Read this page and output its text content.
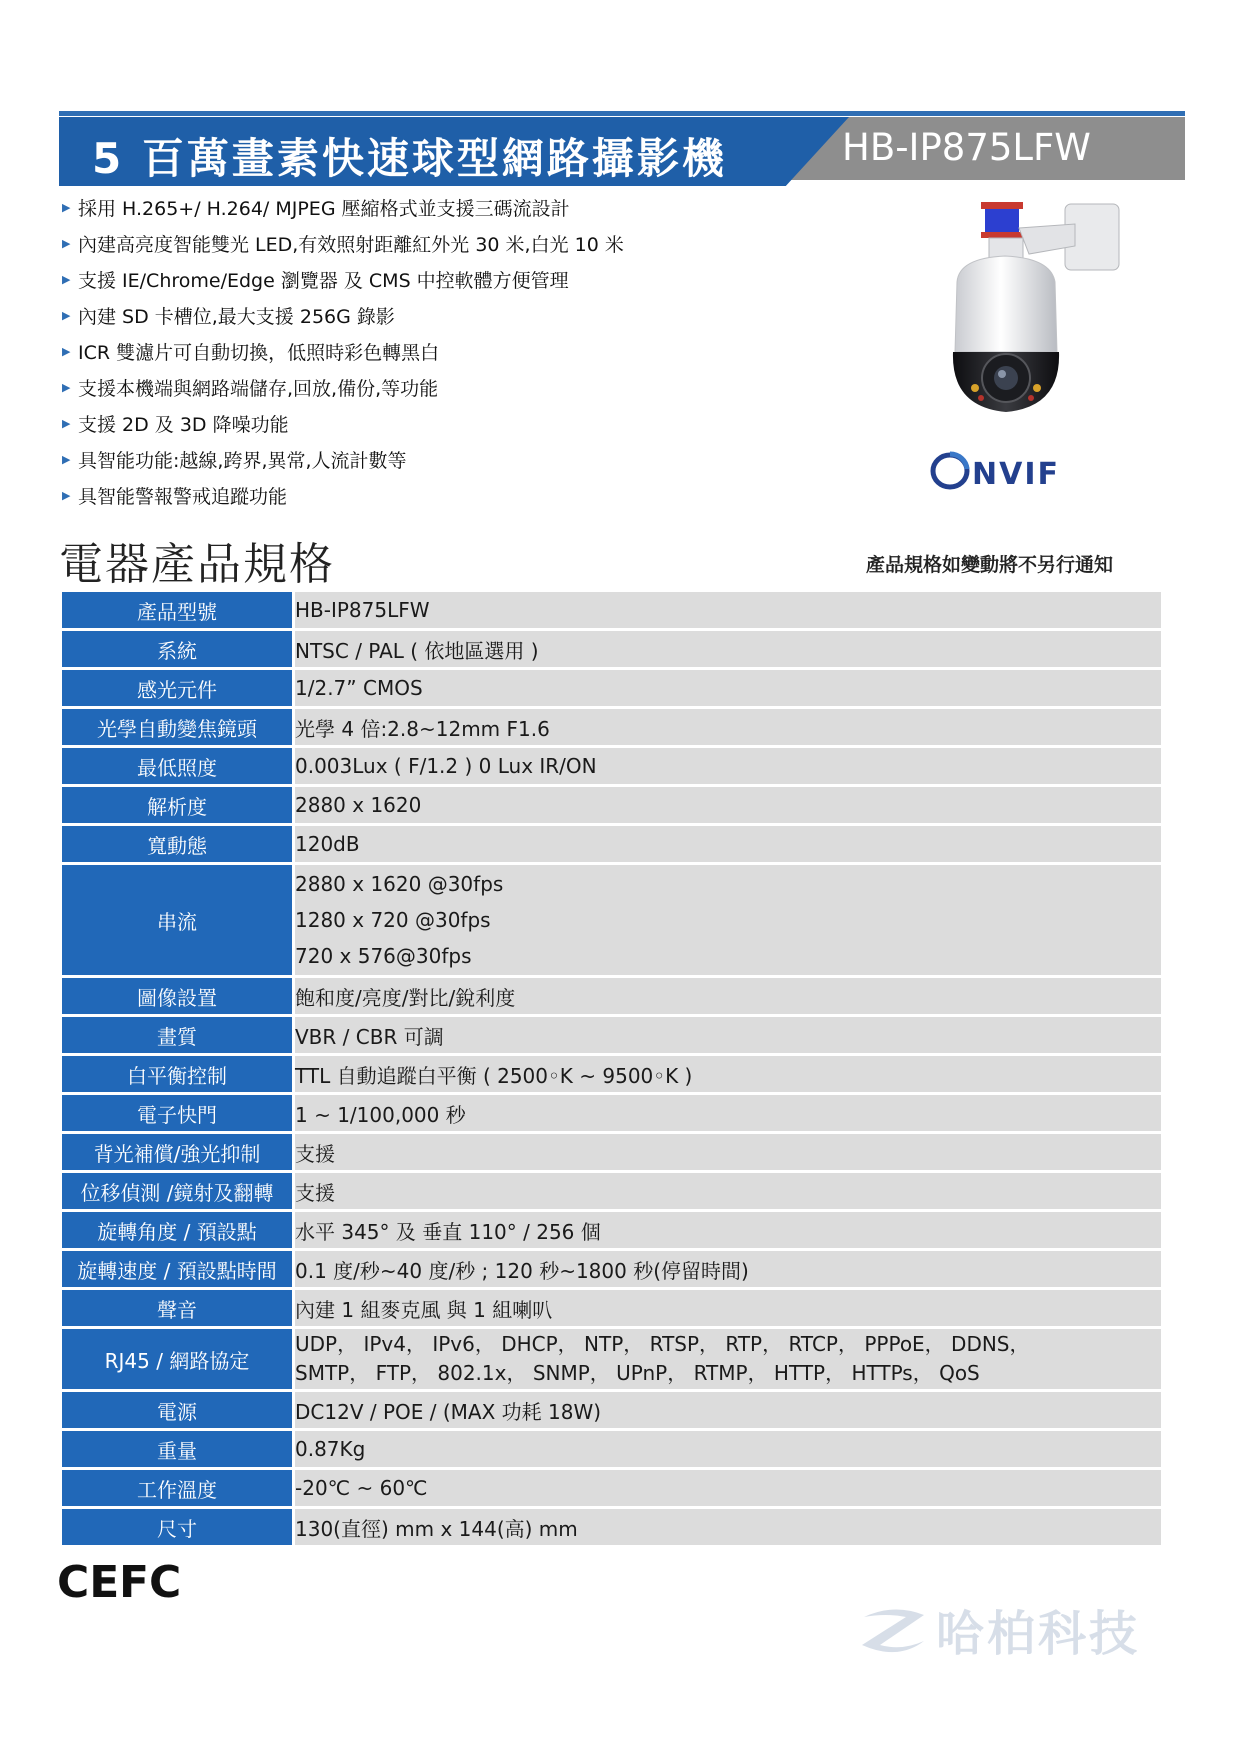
5 百萬畫素快速球型網路攝影機	HB-IP875LFW
▶ 採用 H.265+/ H.264/ MJPEG 壓縮格式並支援三碼流設計
▶ 內建高亮度智能雙光 LED,有效照射距離紅外光 30 米,白光 10 米
▶ 支援 IE/Chrome/Edge 瀏覽器 及 CMS 中控軟體方便管理
▶ 內建 SD 卡槽位,最大支援 256G 錄影
▶ ICR 雙濾片可自動切換，低照時彩色轉黑白
▶ 支援本機端與網路端儲存,回放,備份,等功能
▶ 支援 2D 及 3D 降噪功能
▶ 具智能功能:越線,跨界,異常,人流計數等
▶ 具智能警報警戒追蹤功能
NVIF
電器產品規格	產品規格如變動將不另行通知
產品型號	HB-IP875LFW
系統	NTSC / PAL ( 依地區選用 )
感光元件	1/2.7” CMOS
光學自動變焦鏡頭	光學 4 倍:2.8~12mm F1.6
最低照度	0.003Lux ( F/1.2 ) 0 Lux IR/ON
解析度	2880 x 1620
寬動態	120dB
串流	2880 x 1620 @30fps
1280 x 720 @30fps
720 x 576@30fps

圖像設置	飽和度/亮度/對比/銳利度
畫質	VBR / CBR 可調
白平衡控制	TTL 自動追蹤白平衡 ( 2500◦K ~ 9500◦K )
電子快門	1 ~ 1/100,000 秒
背光補償/強光抑制	支援
位移偵測 /鏡射及翻轉	支援
旋轉角度 / 預設點	水平 345° 及 垂直 110° / 256 個
旋轉速度 / 預設點時間	0.1 度/秒~40 度/秒 ; 120 秒~1800 秒(停留時間)
聲音	內建 1 組麥克風 與 1 組喇叭
RJ45 / 網路協定	UDP， IPv4， IPv6， DHCP， NTP， RTSP， RTP， RTCP， PPPoE， DDNS，
SMTP， FTP， 802.1x， SNMP， UPnP， RTMP， HTTP， HTTPs， QoS

電源	DC12V / POE / (MAX 功耗 18W)
重量	0.87Kg
工作溫度	-20℃ ~ 60℃
尺寸	130(直徑) mm x 144(高) mm
CE FC
哈柏科技
